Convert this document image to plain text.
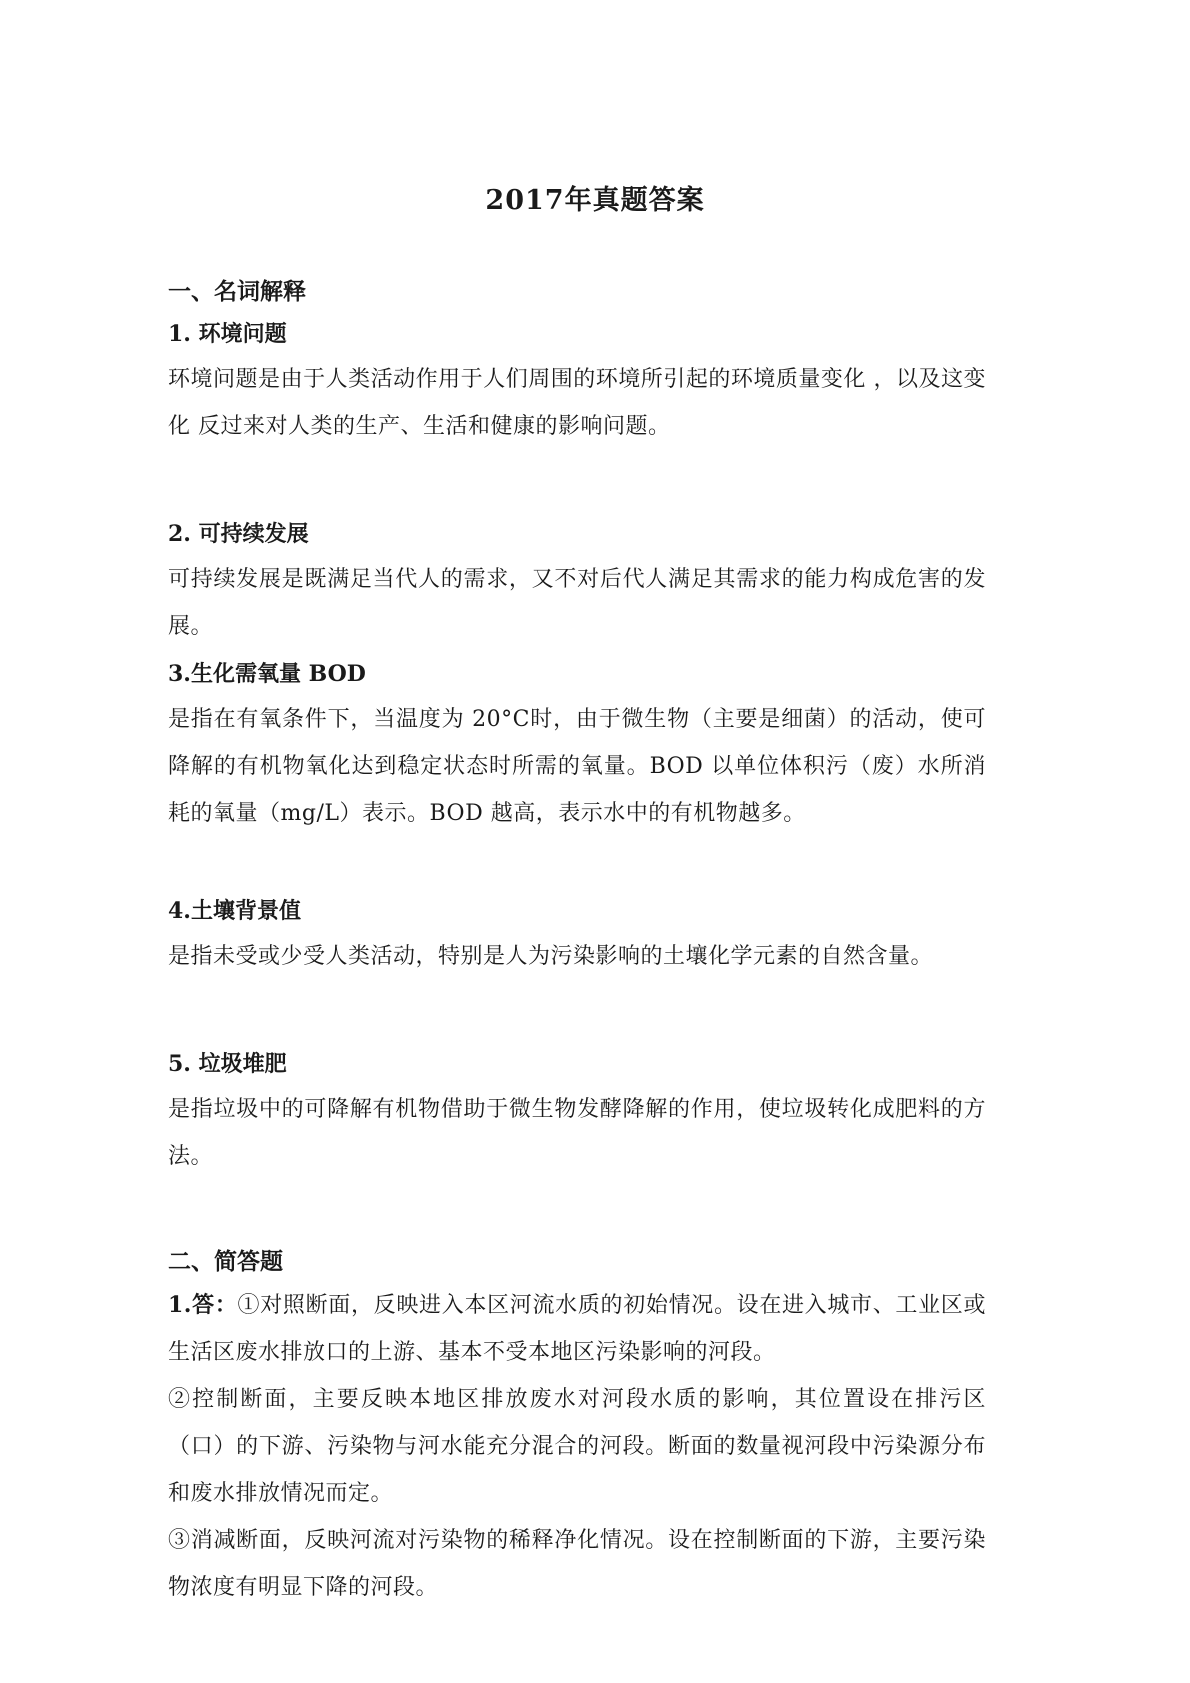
2017年真题答案
一、名词解释
1. 环境问题

环境问题是由于人类活动作用于人们周围的环境所引起的环境质量变化 ，以及这变化 反过来对人类的生产、生活和健康的影响问题。

2. 可持续发展

可持续发展是既满足当代人的需求，又不对后代人满足其需求的能力构成危害的发展。

3.生化需氧量 BOD

是指在有氧条件下，当温度为 20°C时，由于微生物（主要是细菌）的活动，使可降解的有机物氧化达到稳定状态时所需的氧量。BOD 以单位体积污（废）水所消耗的氧量（mg/L）表示。BOD 越高，表示水中的有机物越多。

4.土壤背景值

是指未受或少受人类活动，特别是人为污染影响的土壤化学元素的自然含量。

5. 垃圾堆肥

是指垃圾中的可降解有机物借助于微生物发酵降解的作用，使垃圾转化成肥料的方法。

二、简答题

1.答：①对照断面，反映进入本区河流水质的初始情况。设在进入城市、工业区或生活区废水排放口的上游、基本不受本地区污染影响的河段。

②控制断面，主要反映本地区排放废水对河段水质的影响，其位置设在排污区（口）的下游、污染物与河水能充分混合的河段。断面的数量视河段中污染源分布和废水排放情况而定。

③消减断面，反映河流对污染物的稀释净化情况。设在控制断面的下游，主要污染物浓度有明显下降的河段。
